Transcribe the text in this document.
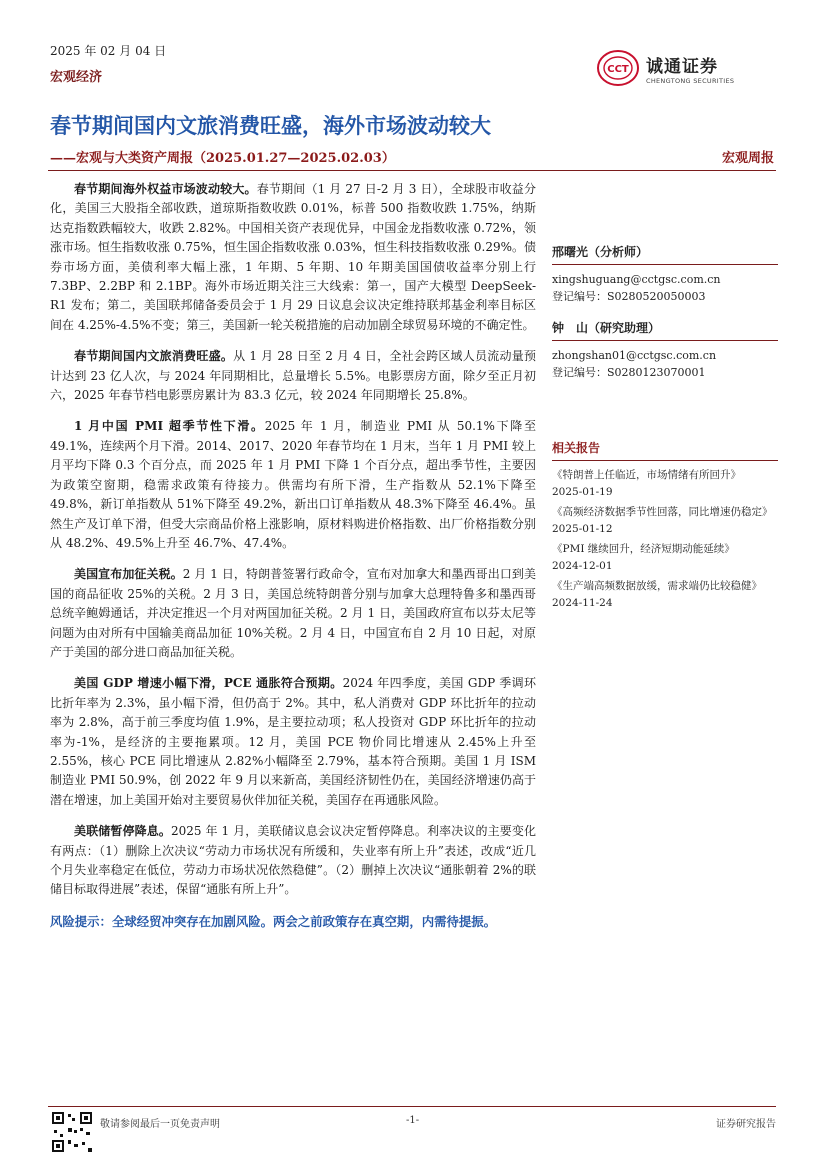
2025 年 02 月 04 日
宏观经济
CCT 诚通证券
CHENGTONG SECURITIES
春节期间国内文旅消费旺盛，海外市场波动较大
——宏观与大类资产周报（2025.01.27—2025.02.03）	宏观周报

春节期间海外权益市场波动较大。春节期间（1 月 27 日-2 月 3 日），全球股市收益分化，美国三大股指全部收跌，道琼斯指数收跌 0.01%，标普 500 指数收跌 1.75%，纳斯达克指数跌幅较大，收跌 2.82%。中国相关资产表现优异，中国金龙指数收涨 0.72%，领涨市场。恒生指数收涨 0.75%，恒生国企指数收涨 0.03%，恒生科技指数收涨 0.29%。债券市场方面，美债利率大幅上涨，1 年期、5 年期、10 年期美国国债收益率分别上行 7.3BP、2.2BP 和 2.1BP。海外市场近期关注三大线索：第一，国产大模型 DeepSeek-R1 发布；第二，美国联邦储备委员会于 1 月 29 日议息会议决定维持联邦基金利率目标区间在 4.25%-4.5%不变；第三，美国新一轮关税措施的启动加剧全球贸易环境的不确定性。

春节期间国内文旅消费旺盛。从 1 月 28 日至 2 月 4 日，全社会跨区域人员流动量预计达到 23 亿人次，与 2024 年同期相比，总量增长 5.5%。电影票房方面，除夕至正月初六，2025 年春节档电影票房累计为 83.3 亿元，较 2024 年同期增长 25.8%。

1 月中国 PMI 超季节性下滑。2025 年 1 月，制造业 PMI 从 50.1%下降至 49.1%，连续两个月下滑。2014、2017、2020 年春节均在 1 月末，当年 1 月 PMI 较上月平均下降 0.3 个百分点，而 2025 年 1 月 PMI 下降 1 个百分点，超出季节性，主要因为政策空窗期，稳需求政策有待接力。供需均有所下滑，生产指数从 52.1%下降至 49.8%，新订单指数从 51%下降至 49.2%，新出口订单指数从 48.3%下降至 46.4%。虽然生产及订单下滑，但受大宗商品价格上涨影响，原材料购进价格指数、出厂价格指数分别从 48.2%、49.5%上升至 46.7%、47.4%。

美国宣布加征关税。2 月 1 日，特朗普签署行政命令，宣布对加拿大和墨西哥出口到美国的商品征收 25%的关税。2 月 3 日，美国总统特朗普分别与加拿大总理特鲁多和墨西哥总统辛鲍姆通话，并决定推迟一个月对两国加征关税。2 月 1 日，美国政府宣布以芬太尼等问题为由对所有中国输美商品加征 10%关税。2 月 4 日，中国宣布自 2 月 10 日起，对原产于美国的部分进口商品加征关税。

美国 GDP 增速小幅下滑，PCE 通胀符合预期。2024 年四季度，美国 GDP 季调环比折年率为 2.3%，虽小幅下滑，但仍高于 2%。其中，私人消费对 GDP 环比折年的拉动率为 2.8%，高于前三季度均值 1.9%，是主要拉动项；私人投资对 GDP 环比折年的拉动率为-1%，是经济的主要拖累项。12 月，美国 PCE 物价同比增速从 2.45%上升至 2.55%，核心 PCE 同比增速从 2.82%小幅降至 2.79%，基本符合预期。美国 1 月 ISM 制造业 PMI 50.9%，创 2022 年 9 月以来新高，美国经济韧性仍在，美国经济增速仍高于潜在增速，加上美国开始对主要贸易伙伴加征关税，美国存在再通胀风险。

美联储暂停降息。2025 年 1 月，美联储议息会议决定暂停降息。利率决议的主要变化有两点：（1）删除上次决议“劳动力市场状况有所缓和，失业率有所上升”表述，改成“近几个月失业率稳定在低位，劳动力市场状况依然稳健”。（2）删掉上次决议“通胀朝着 2%的联储目标取得进展”表述，保留“通胀有所上升”。

风险提示：全球经贸冲突存在加剧风险。两会之前政策存在真空期，内需待提振。

邢曙光（分析师）
xingshuguang@cctgsc.com.cn
登记编号：S0280520050003
钟　山（研究助理）
zhongshan01@cctgsc.com.cn
登记编号：S0280123070001
相关报告
《特朗普上任临近，市场情绪有所回升》
2025-01-19
《高频经济数据季节性回落，同比增速仍稳定》
2025-01-12
《PMI 继续回升，经济短期动能延续》
2024-12-01
《生产端高频数据放缓，需求端仍比较稳健》
2024-11-24
敬请参阅最后一页免责声明	-1-	证券研究报告
